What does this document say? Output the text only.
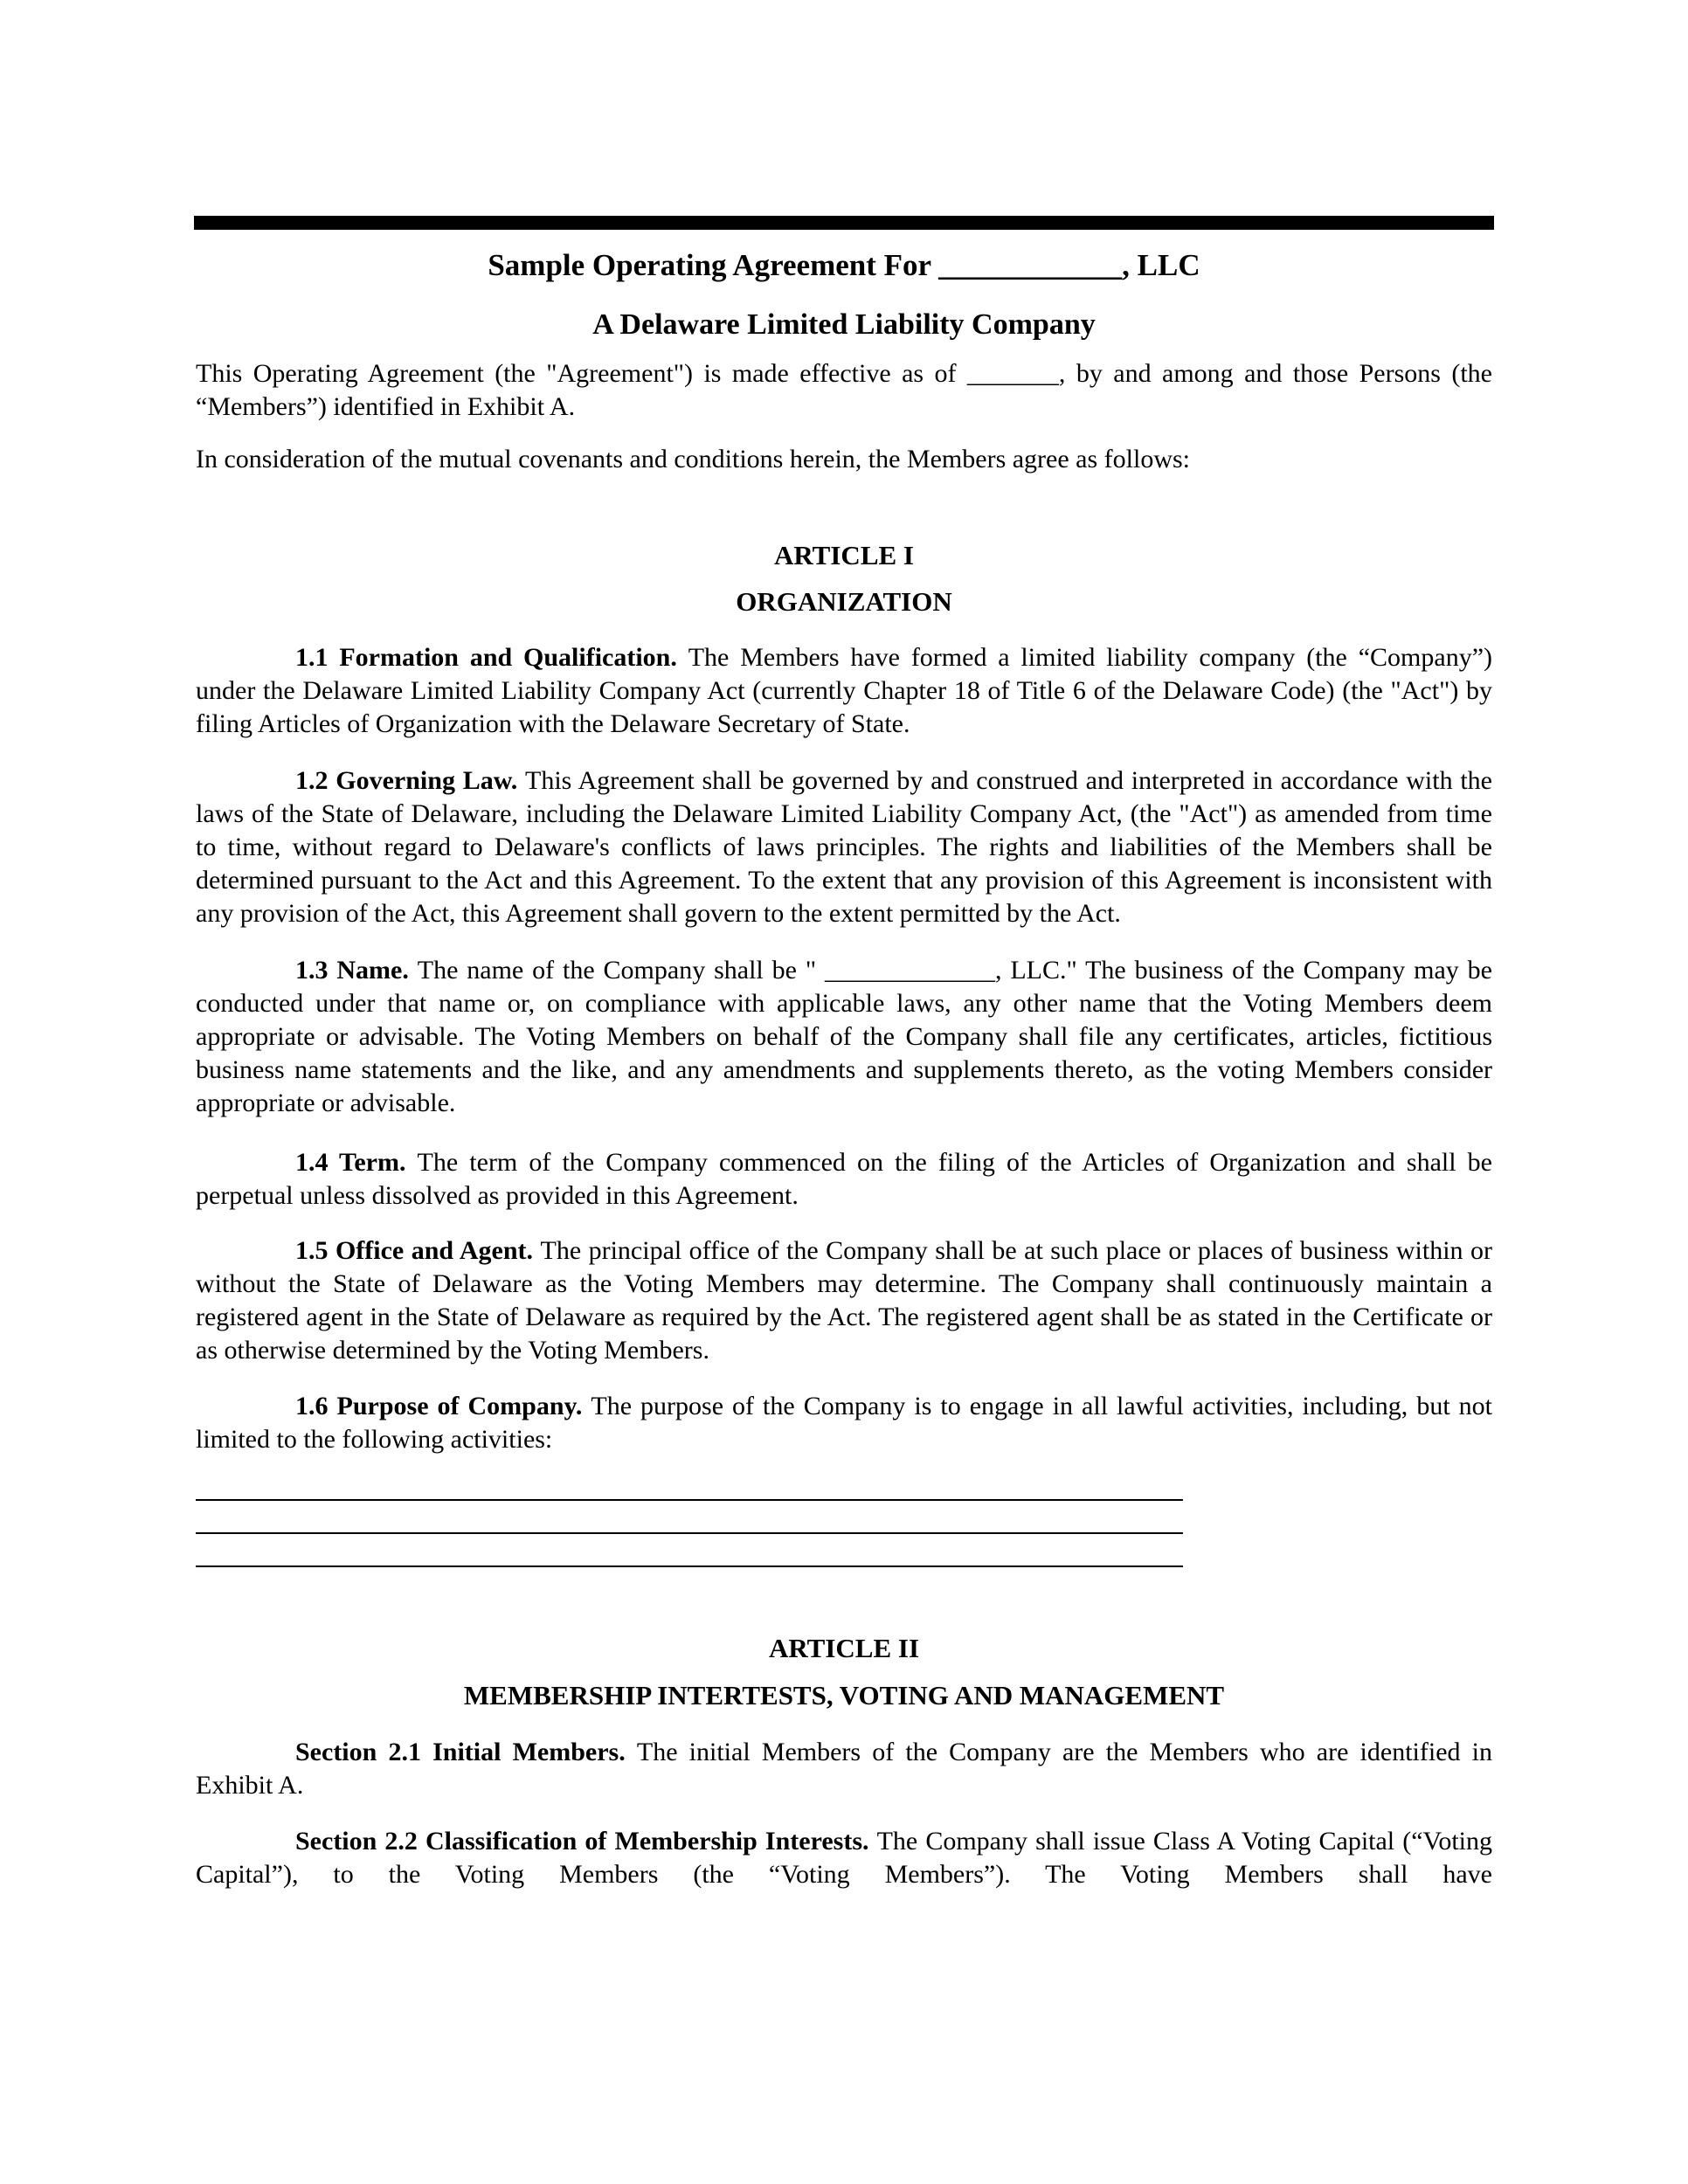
Sample Operating Agreement For ____________, LLC
A Delaware Limited Liability Company

This Operating Agreement (the "Agreement") is made effective as of _______, by and among and those Persons (the “Members”) identified in Exhibit A.

In consideration of the mutual covenants and conditions herein, the Members agree as follows:

ARTICLE I
ORGANIZATION

1.1 Formation and Qualification. The Members have formed a limited liability company (the “Company”) under the Delaware Limited Liability Company Act (currently Chapter 18 of Title 6 of the Delaware Code) (the "Act") by filing Articles of Organization with the Delaware Secretary of State.

1.2 Governing Law. This Agreement shall be governed by and construed and interpreted in accordance with the laws of the State of Delaware, including the Delaware Limited Liability Company Act, (the "Act") as amended from time to time, without regard to Delaware's conflicts of laws principles. The rights and liabilities of the Members shall be determined pursuant to the Act and this Agreement. To the extent that any provision of this Agreement is inconsistent with any provision of the Act, this Agreement shall govern to the extent permitted by the Act.

1.3 Name. The name of the Company shall be " _____________, LLC." The business of the Company may be conducted under that name or, on compliance with applicable laws, any other name that the Voting Members deem appropriate or advisable. The Voting Members on behalf of the Company shall file any certificates, articles, fictitious business name statements and the like, and any amendments and supplements thereto, as the voting Members consider appropriate or advisable.

1.4 Term. The term of the Company commenced on the filing of the Articles of Organization and shall be perpetual unless dissolved as provided in this Agreement.

1.5 Office and Agent. The principal office of the Company shall be at such place or places of business within or without the State of Delaware as the Voting Members may determine. The Company shall continuously maintain a registered agent in the State of Delaware as required by the Act. The registered agent shall be as stated in the Certificate or as otherwise determined by the Voting Members.

1.6 Purpose of Company. The purpose of the Company is to engage in all lawful activities, including, but not limited to the following activities:

ARTICLE II
MEMBERSHIP INTERTESTS, VOTING AND MANAGEMENT

Section 2.1 Initial Members. The initial Members of the Company are the Members who are identified in Exhibit A.

Section 2.2 Classification of Membership Interests. The Company shall issue Class A Voting Capital (“Voting Capital”), to the Voting Members (the “Voting Members”). The Voting Members shall have
